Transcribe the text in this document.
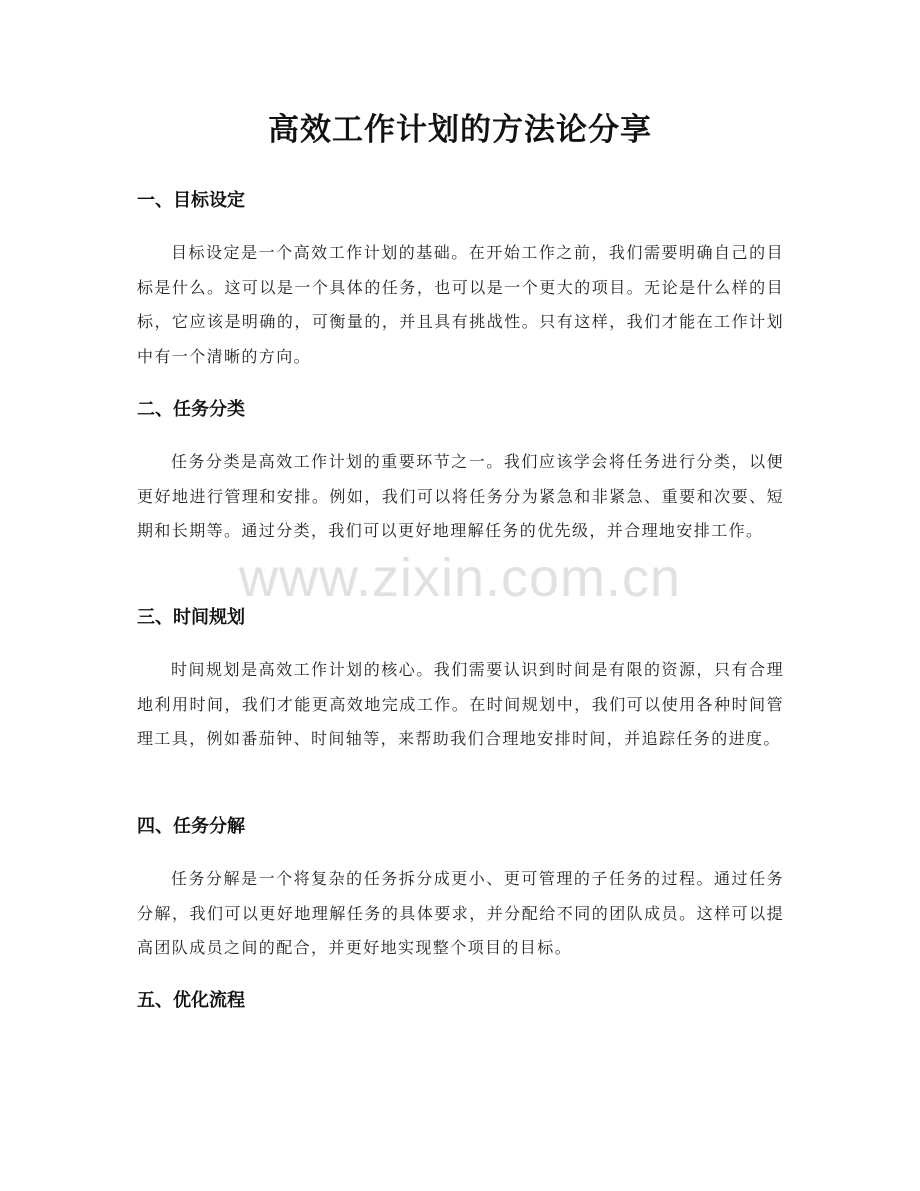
高效工作计划的方法论分享
一、目标设定

目标设定是一个高效工作计划的基础。在开始工作之前，我们需要明确自己的目标是什么。这可以是一个具体的任务，也可以是一个更大的项目。无论是什么样的目标，它应该是明确的，可衡量的，并且具有挑战性。只有这样，我们才能在工作计划中有一个清晰的方向。

二、任务分类

任务分类是高效工作计划的重要环节之一。我们应该学会将任务进行分类，以便更好地进行管理和安排。例如，我们可以将任务分为紧急和非紧急、重要和次要、短期和长期等。通过分类，我们可以更好地理解任务的优先级，并合理地安排工作。

三、时间规划

时间规划是高效工作计划的核心。我们需要认识到时间是有限的资源，只有合理地利用时间，我们才能更高效地完成工作。在时间规划中，我们可以使用各种时间管理工具，例如番茄钟、时间轴等，来帮助我们合理地安排时间，并追踪任务的进度。

四、任务分解

任务分解是一个将复杂的任务拆分成更小、更可管理的子任务的过程。通过任务分解，我们可以更好地理解任务的具体要求，并分配给不同的团队成员。这样可以提高团队成员之间的配合，并更好地实现整个项目的目标。

五、优化流程
www.zixin.com.cn
